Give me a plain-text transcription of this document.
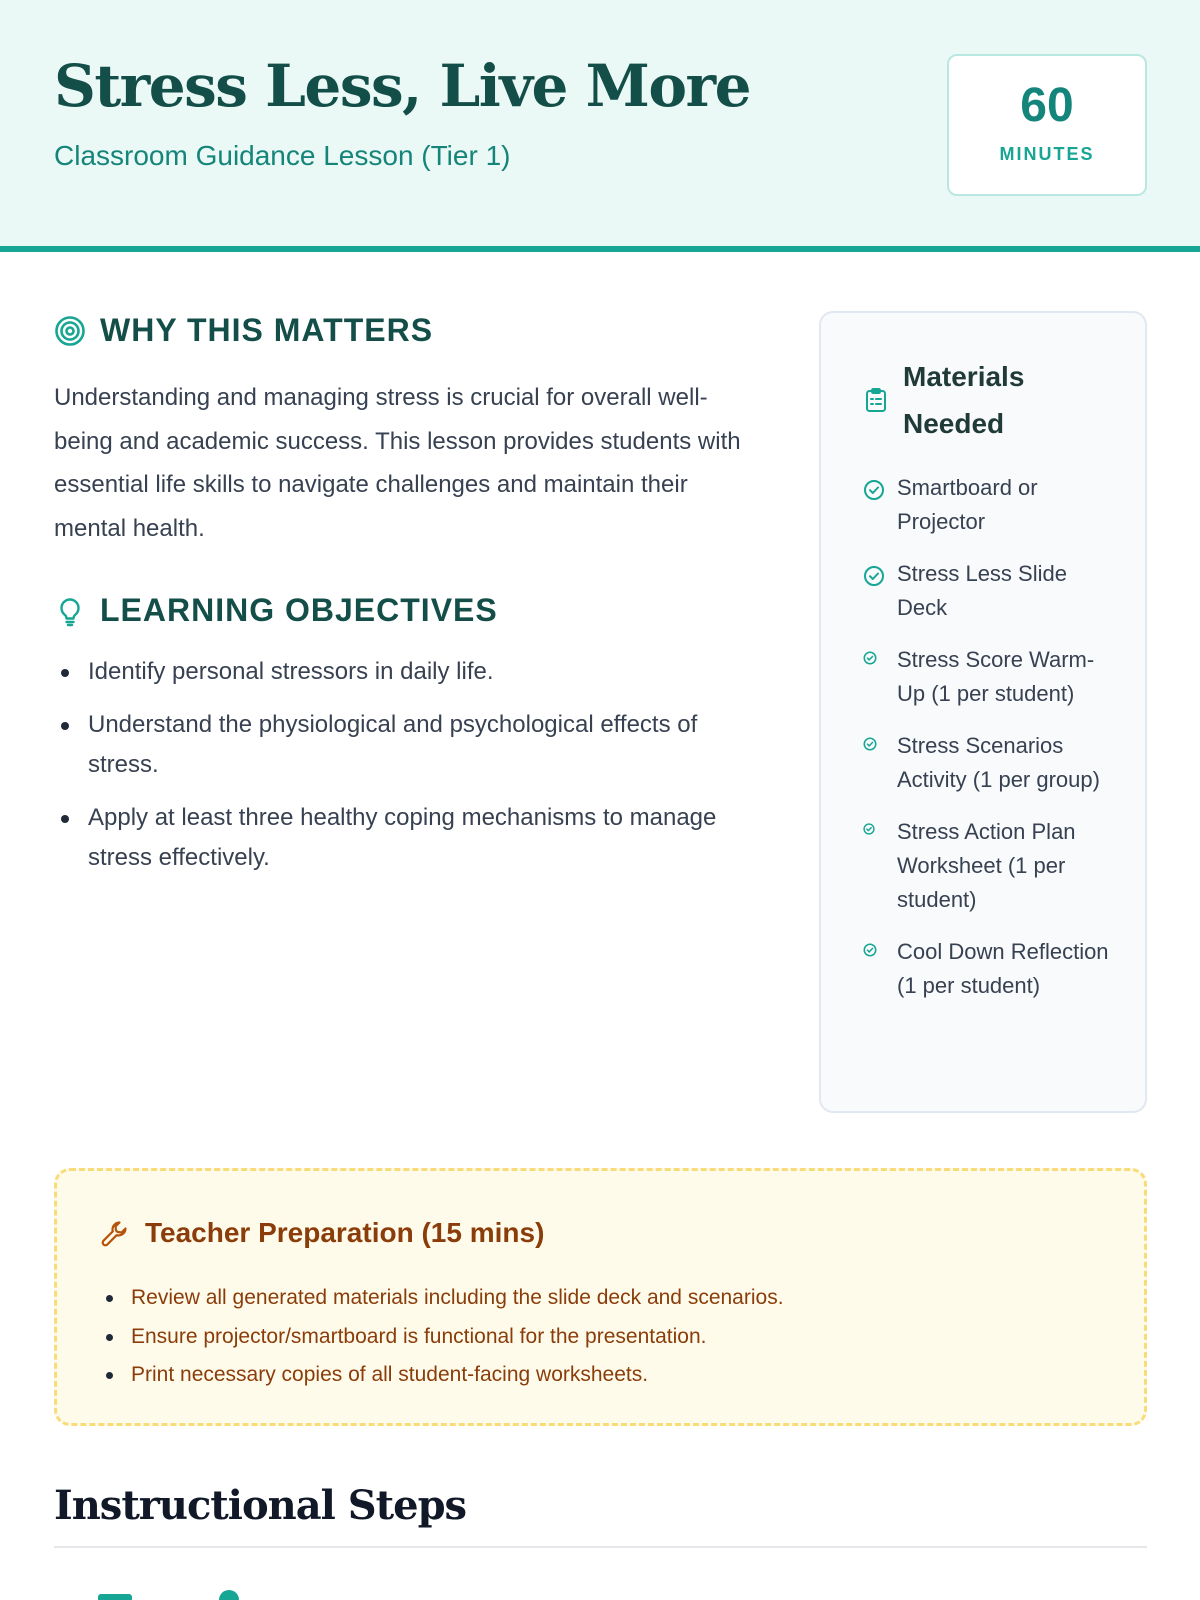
Stress Less, Live More
Classroom Guidance Lesson (Tier 1)
60
MINUTES
WHY THIS MATTERS

Understanding and managing stress is crucial for overall well-being and academic success. This lesson provides students with essential life skills to navigate challenges and maintain their mental health.

LEARNING OBJECTIVES
Identify personal stressors in daily life.
Understand the physiological and psychological effects of stress.
Apply at least three healthy coping mechanisms to manage stress effectively.
Materials Needed
Smartboard or Projector
Stress Less Slide Deck
Stress Score Warm-Up (1 per student)
Stress Scenarios Activity (1 per group)
Stress Action Plan Worksheet (1 per student)
Cool Down Reflection (1 per student)
Teacher Preparation (15 mins)
Review all generated materials including the slide deck and scenarios.
Ensure projector/smartboard is functional for the presentation.
Print necessary copies of all student-facing worksheets.
Instructional Steps
